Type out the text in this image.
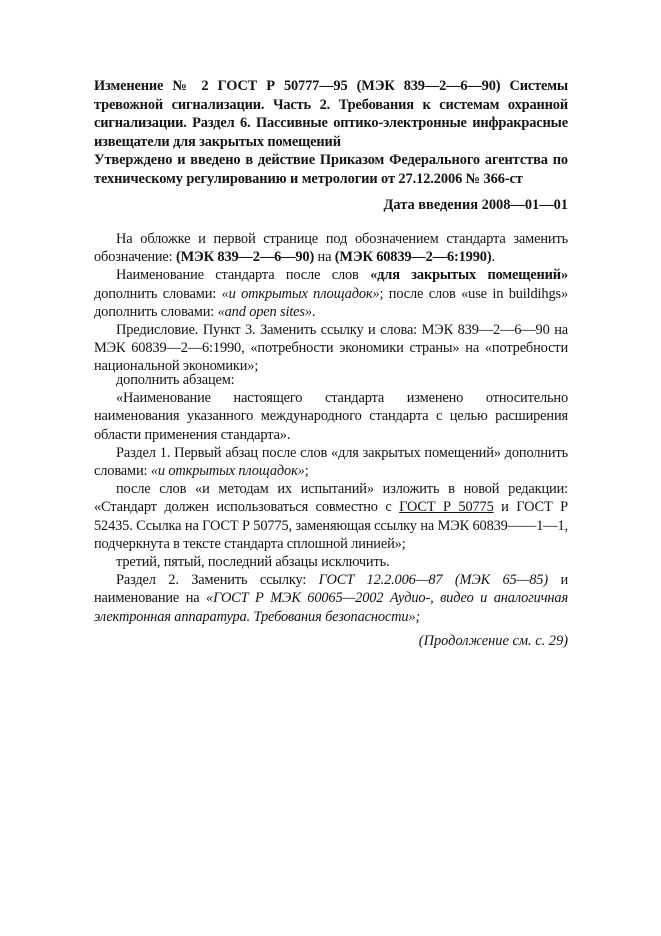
Изменение № 2 ГОСТ Р 50777—95 (МЭК 839—2—6—90) Системы тревожной сигнализации. Часть 2. Требования к системам охранной сигнализации. Раздел 6. Пассивные оптико-электронные инфракрасные извещатели для закрытых помещений
Утверждено и введено в действие Приказом Федерального агентства по техническому регулированию и метрологии от 27.12.2006 № 366-ст
Дата введения 2008—01—01

На обложке и первой странице под обозначением стандарта заменить обозначение: (МЭК 839—2—6—90) на (МЭК 60839—2—6:1990).

Наименование стандарта после слов «для закрытых помещений» дополнить словами: «и открытых площадок»; после слов «use in buildihgs» дополнить словами: «and open sites».

Предисловие. Пункт 3. Заменить ссылку и слова: МЭК 839—2—6—90 на МЭК 60839—2—6:1990, «потребности экономики страны» на «потребности национальной экономики»;

дополнить абзацем:

«Наименование настоящего стандарта изменено относительно наименования указанного международного стандарта с целью расширения области применения стандарта».

Раздел 1. Первый абзац после слов «для закрытых помещений» дополнить словами: «и открытых площадок»;

после слов «и методам их испытаний» изложить в новой редакции: «Стандарт должен использоваться совместно с ГОСТ Р 50775 и ГОСТ Р 52435. Ссылка на ГОСТ Р 50775, заменяющая ссылку на МЭК 60839——1—1, подчеркнута в тексте стандарта сплошной линией»;

третий, пятый, последний абзацы исключить.

Раздел 2. Заменить ссылку: ГОСТ 12.2.006—87 (МЭК 65—85) и наименование на «ГОСТ Р МЭК 60065—2002 Аудио-, видео и аналогичная электронная аппаратура. Требования безопасности»;

(Продолжение см. с. 29)
